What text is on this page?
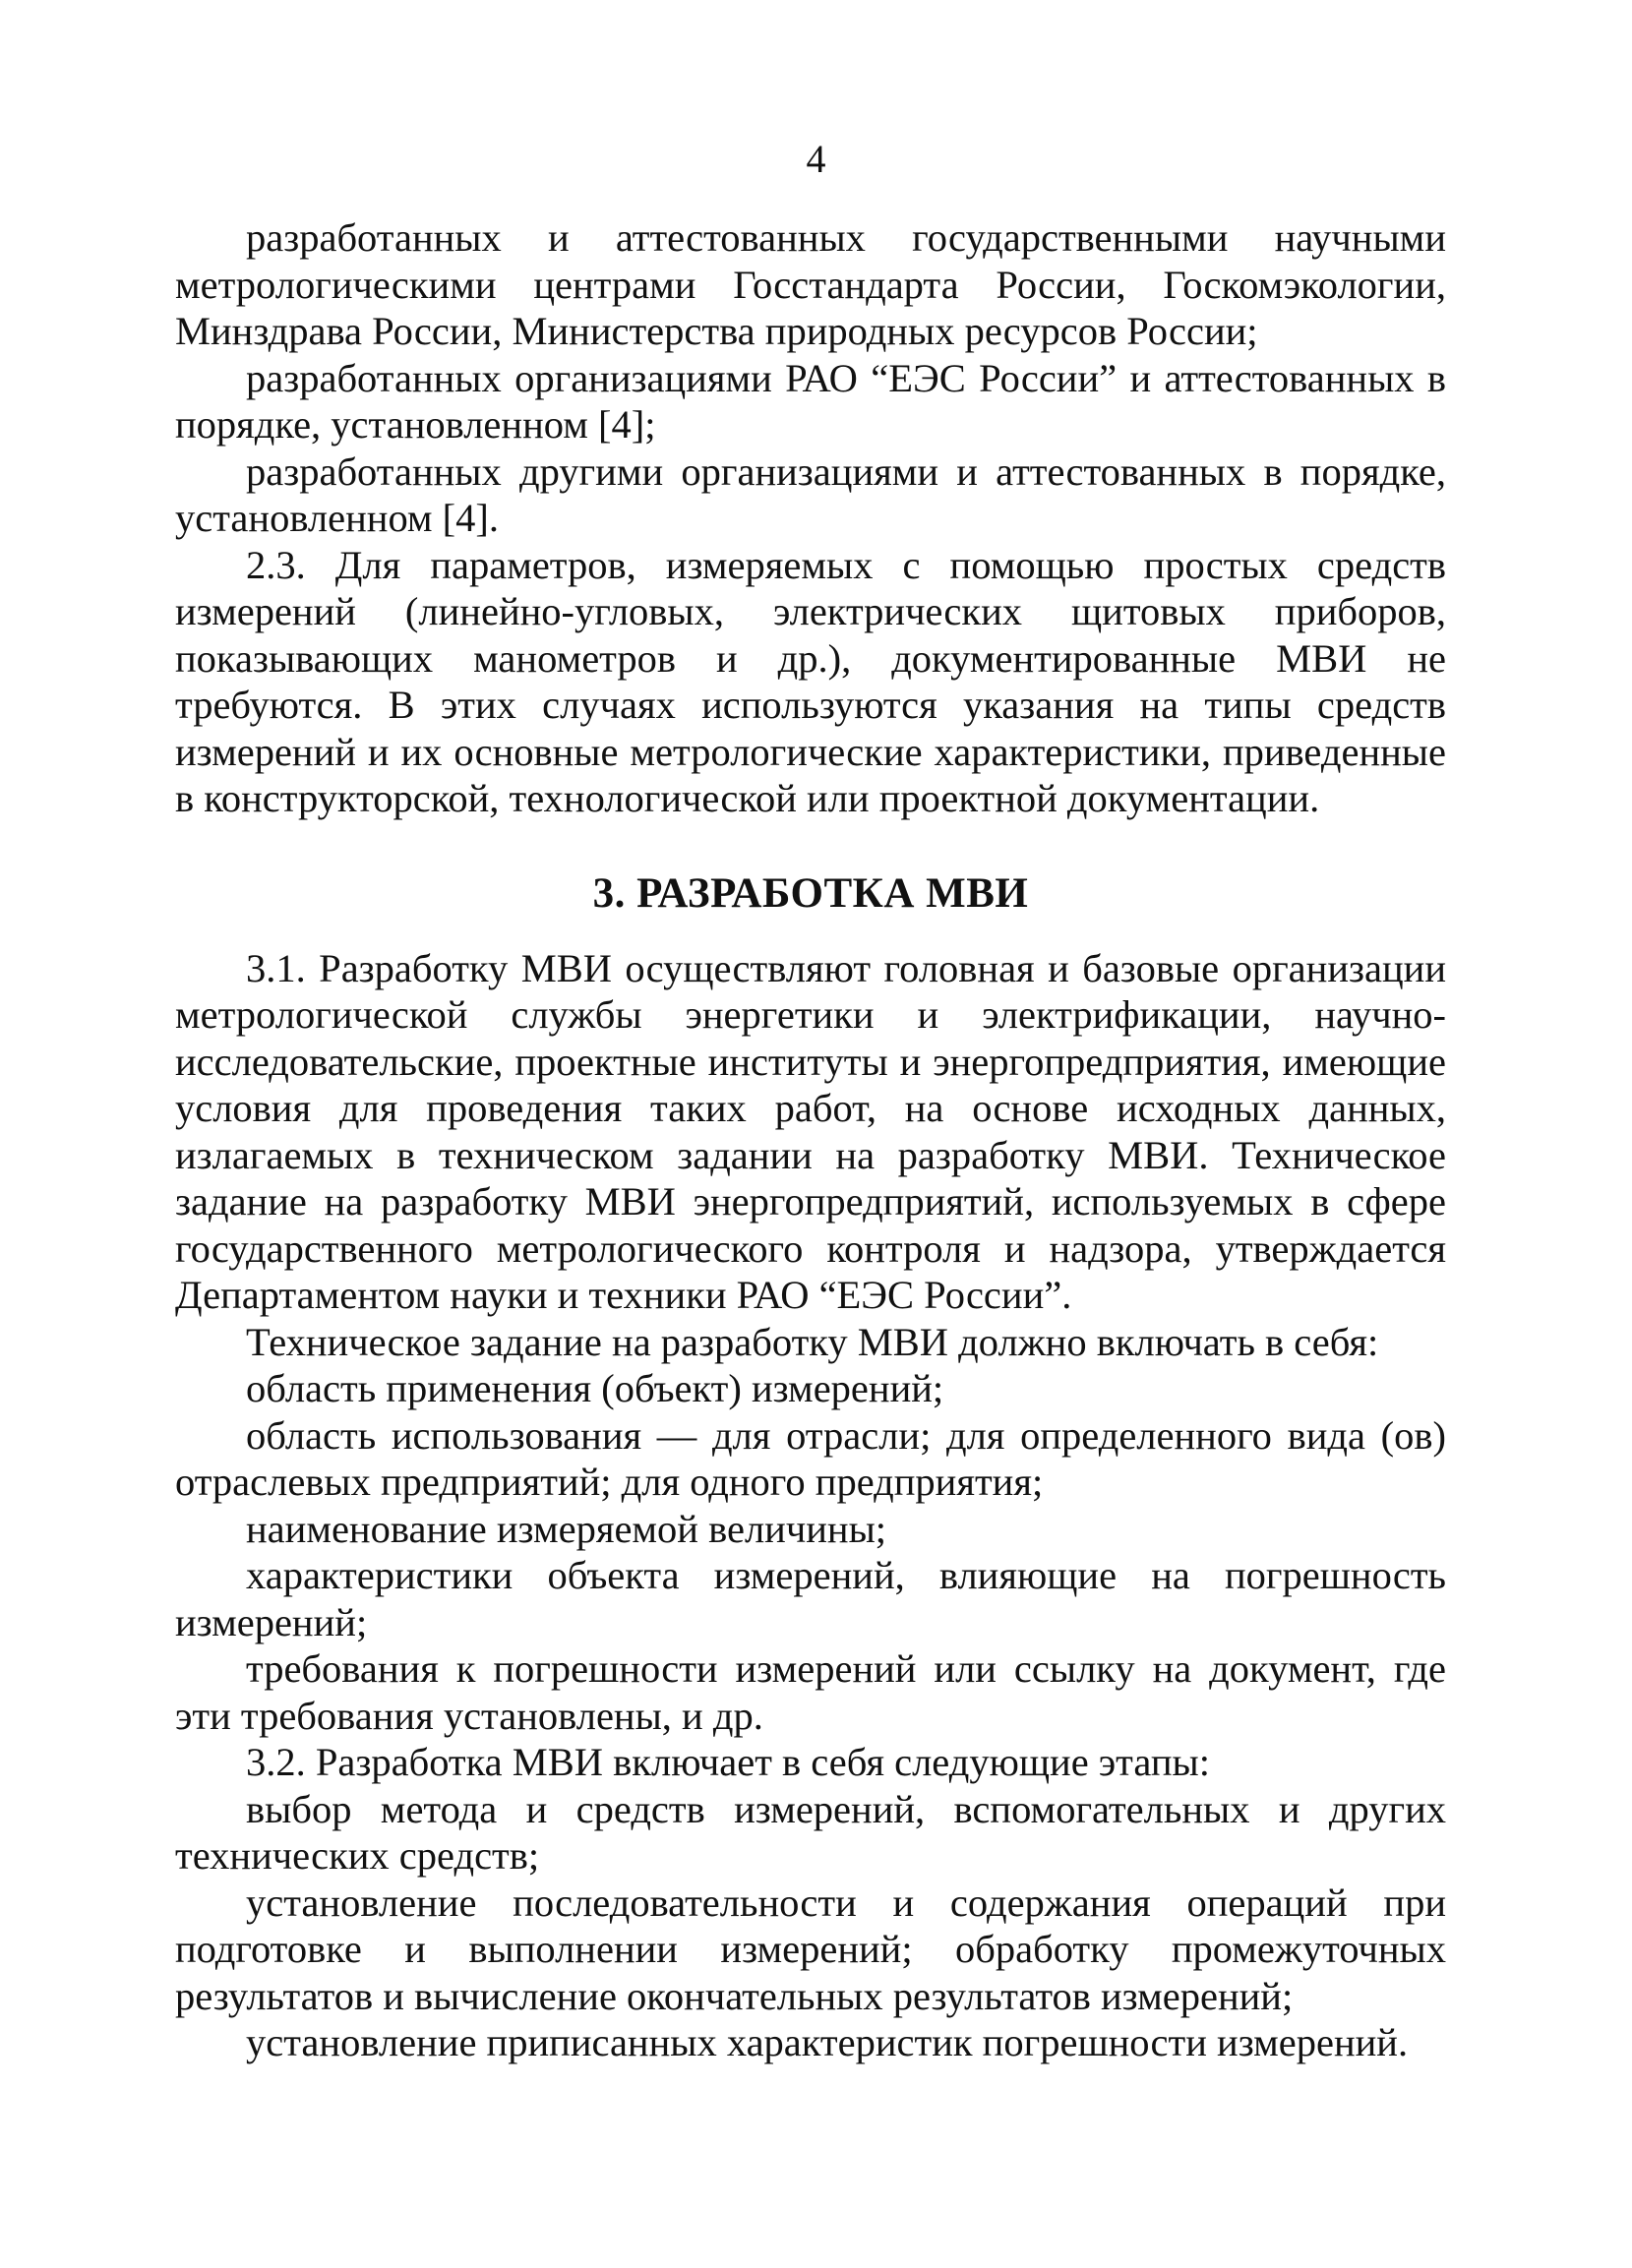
4

разработанных и аттестованных государственными научными метрологическими центрами Госстандарта России, Госкомэкологии, Минздрава России, Министерства природных ресурсов России;

разработанных организациями РАО “ЕЭС России” и аттестованных в порядке, установленном [4];

разработанных другими организациями и аттестованных в порядке, установленном [4].

2.3. Для параметров, измеряемых с помощью простых средств измерений (линейно-угловых, электрических щитовых приборов, показывающих манометров и др.), документированные МВИ не требуются. В этих случаях используются указания на типы средств измерений и их основные метрологические характеристики, приведенные в конструкторской, технологической или проектной документации.

3. РАЗРАБОТКА МВИ

3.1. Разработку МВИ осуществляют головная и базовые организации метрологической службы энергетики и электрификации, научно-исследовательские, проектные институты и энергопредприятия, имеющие условия для проведения таких работ, на основе исходных данных, излагаемых в техническом задании на разработку МВИ. Техническое задание на разработку МВИ энергопредприятий, используемых в сфере государственного метрологического контроля и надзора, утверждается Департаментом науки и техники РАО “ЕЭС России”.

Техническое задание на разработку МВИ должно включать в себя:

область применения (объект) измерений;

область использования — для отрасли; для определенного вида (ов) отраслевых предприятий; для одного предприятия;

наименование измеряемой величины;

характеристики объекта измерений, влияющие на погрешность измерений;

требования к погрешности измерений или ссылку на документ, где эти требования установлены, и др.

3.2. Разработка МВИ включает в себя следующие этапы:

выбор метода и средств измерений, вспомогательных и других технических средств;

установление последовательности и содержания операций при подготовке и выполнении измерений; обработку промежуточных результатов и вычисление окончательных результатов измерений;

установление приписанных характеристик погрешности измерений.
